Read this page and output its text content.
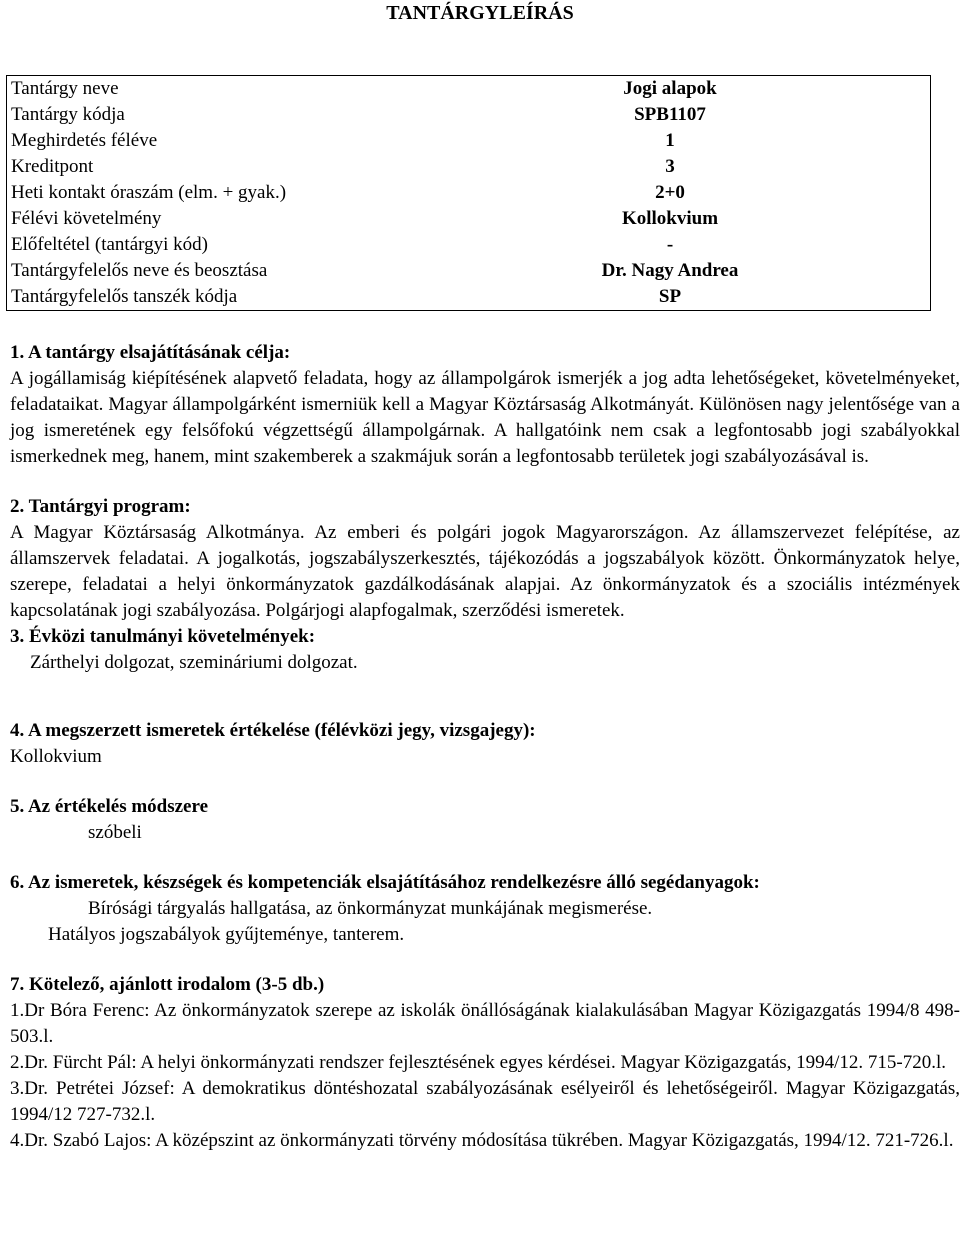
TANTÁRGYLEÍRÁS
Tantárgy neve	Jogi alapok
Tantárgy kódja	SPB1107
Meghirdetés féléve	1
Kreditpont	3
Heti kontakt óraszám (elm. + gyak.)	2+0
Félévi követelmény	Kollokvium
Előfeltétel (tantárgyi kód)	-
Tantárgyfelelős neve és beosztása	Dr. Nagy Andrea
Tantárgyfelelős tanszék kódja	SP
1. A tantárgy elsajátításának célja:
A jogállamiság kiépítésének alapvető feladata, hogy az állampolgárok ismerjék a jog adta lehetőségeket, követelményeket, feladataikat. Magyar állampolgárként ismerniük kell a Magyar Köztársaság Alkotmányát. Különösen nagy jelentősége van a jog ismeretének egy felsőfokú végzettségű állampolgárnak. A hallgatóink nem csak a legfontosabb jogi szabályokkal ismerkednek meg, hanem, mint szakemberek a szakmájuk során a legfontosabb területek jogi szabályozásával is.
2. Tantárgyi program:
A Magyar Köztársaság Alkotmánya. Az emberi és polgári jogok Magyarországon. Az államszervezet felépítése, az államszervek feladatai. A jogalkotás, jogszabályszerkesztés, tájékozódás a jogszabályok között. Önkormányzatok helye, szerepe, feladatai a helyi önkormányzatok gazdálkodásának alapjai. Az önkormányzatok és a szociális intézmények kapcsolatának jogi szabályozása. Polgárjogi alapfogalmak, szerződési ismeretek.
3. Évközi tanulmányi követelmények:
Zárthelyi dolgozat, szemináriumi dolgozat.
4. A megszerzett ismeretek értékelése (félévközi jegy, vizsgajegy):
Kollokvium
5. Az értékelés módszere
szóbeli
6. Az ismeretek, készségek és kompetenciák elsajátításához rendelkezésre álló segédanyagok:
Bírósági tárgyalás hallgatása, az önkormányzat munkájának megismerése.
Hatályos jogszabályok gyűjteménye, tanterem.
7. Kötelező, ajánlott irodalom (3-5 db.)
1.Dr Bóra Ferenc: Az önkormányzatok szerepe az iskolák önállóságának kialakulásában Magyar Közigazgatás 1994/8 498-503.l.
2.Dr. Fürcht Pál: A helyi önkormányzati rendszer fejlesztésének egyes kérdései. Magyar Közigazgatás, 1994/12. 715-720.l.
3.Dr. Petrétei József: A demokratikus döntéshozatal szabályozásának esélyeiről és lehetőségeiről. Magyar Közigazgatás, 1994/12 727-732.l.
4.Dr. Szabó Lajos: A középszint az önkormányzati törvény módosítása tükrében. Magyar Közigazgatás, 1994/12. 721-726.l.
